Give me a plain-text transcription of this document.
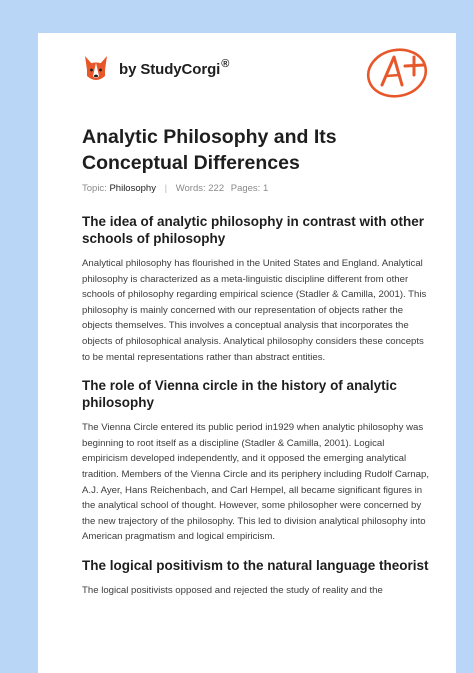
by StudyCorgi®
Analytic Philosophy and Its Conceptual Differences
Topic: Philosophy | Words: 222 Pages: 1
The idea of analytic philosophy in contrast with other schools of philosophy

Analytical philosophy has flourished in the United States and England. Analytical philosophy is characterized as a meta-linguistic discipline different from other schools of philosophy regarding empirical science (Stadler & Camilla, 2001). This philosophy is mainly concerned with our representation of objects rather the objects themselves. This involves a conceptual analysis that incorporates the objects of philosophical analysis. Analytical philosophy considers these concepts to be mental representations rather than abstract entities.

The role of Vienna circle in the history of analytic philosophy

The Vienna Circle entered its public period in1929 when analytic philosophy was beginning to root itself as a discipline (Stadler & Camilla, 2001). Logical empiricism developed independently, and it opposed the emerging analytical tradition. Members of the Vienna Circle and its periphery including Rudolf Carnap, A.J. Ayer, Hans Reichenbach, and Carl Hempel, all became significant figures in the analytical school of thought. However, some philosopher were concerned by the new trajectory of the philosophy. This led to division analytical philosophy into American pragmatism and logical empiricism.

The logical positivism to the natural language theorist

The logical positivists opposed and rejected the study of reality and the
